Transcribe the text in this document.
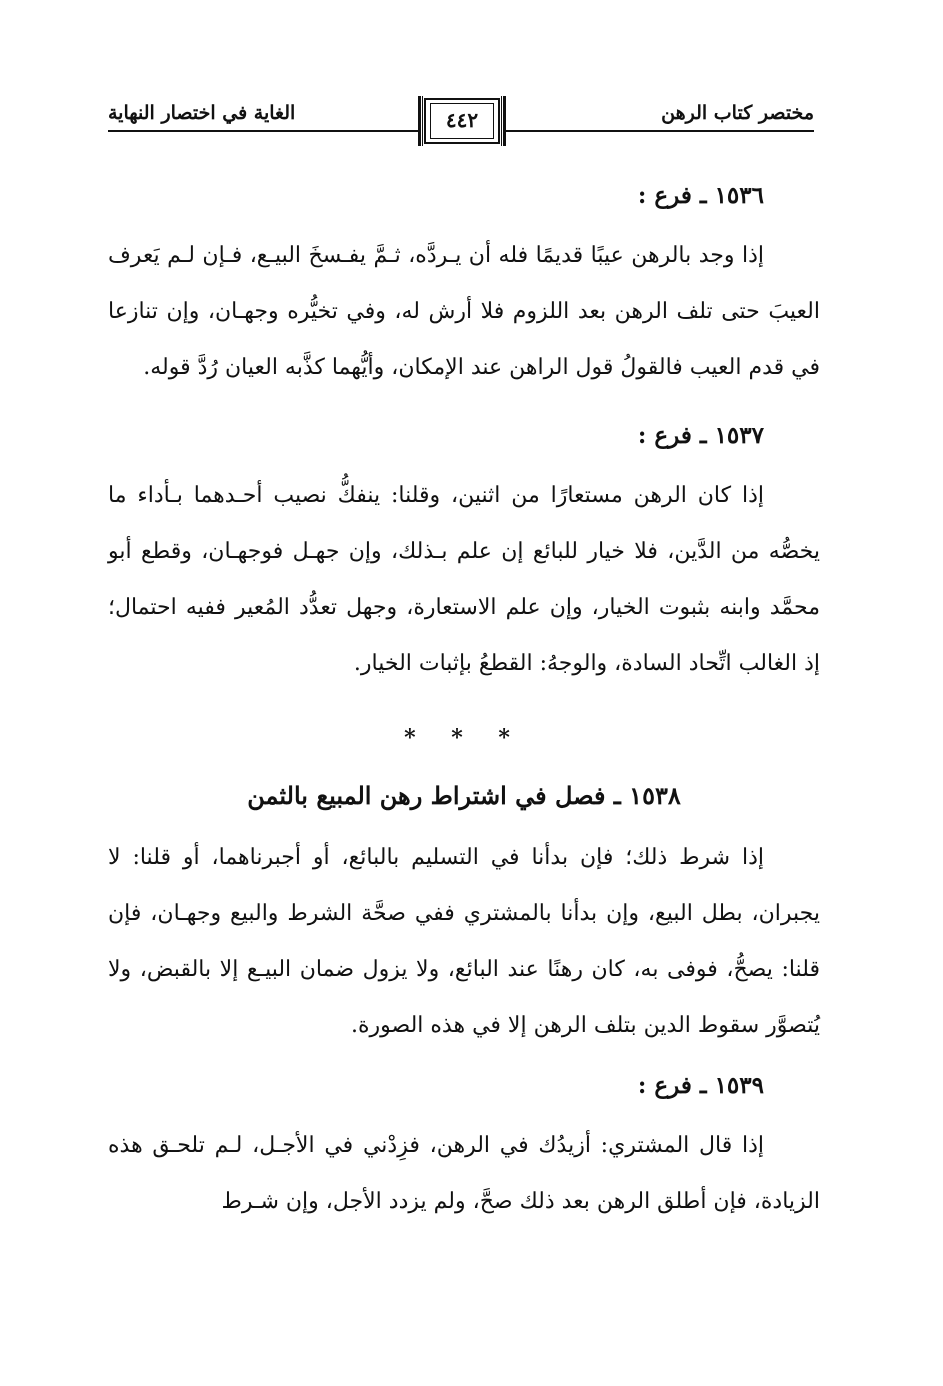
مختصر كتاب الرهن
٤٤٢
الغاية في اختصار النهاية

١٥٣٦ ـ فرع :

إذا وجد بالرهن عيبًا قديمًا فله أن يـردَّه، ثـمَّ يفـسخَ البيـع، فـإن لـم يَعرف العيبَ حتى تلف الرهن بعد اللزوم فلا أرش له، وفي تخيُّره وجهـان، وإن تنازعا في قدم العيب فالقولُ قول الراهن عند الإمكان، وأيُّهما كذَّبه العيان رُدَّ قوله.

١٥٣٧ ـ فرع :

إذا كان الرهن مستعارًا من اثنين، وقلنا: ينفكُّ نصيب أحـدهما بـأداء ما يخصُّه من الدَّين، فلا خيار للبائع إن علم بـذلك، وإن جهـل فوجهـان، وقطع أبو محمَّد وابنه بثبوت الخيار، وإن علم الاستعارة، وجهل تعدُّد المُعير ففيه احتمال؛ إذ الغالب اتِّحاد السادة، والوجهُ: القطعُ بإثبات الخيار.

* * *

١٥٣٨ ـ فصل في اشتراط رهن المبيع بالثمن

إذا شرط ذلك؛ فإن بدأنا في التسليم بالبائع، أو أجبرناهما، أو قلنا: لا يجبران، بطل البيع، وإن بدأنا بالمشتري ففي صحَّة الشرط والبيع وجهـان، فإن قلنا: يصحُّ، فوفى به، كان رهنًا عند البائع، ولا يزول ضمان البيـع إلا بالقبض، ولا يُتصوَّر سقوط الدين بتلف الرهن إلا في هذه الصورة.

١٥٣٩ ـ فرع :

إذا قال المشتري: أزيدُك في الرهن، فزِدْني في الأجـل، لـم تلحـق هذه الزيادة، فإن أطلق الرهن بعد ذلك صحَّ، ولم يزدد الأجل، وإن شـرط
